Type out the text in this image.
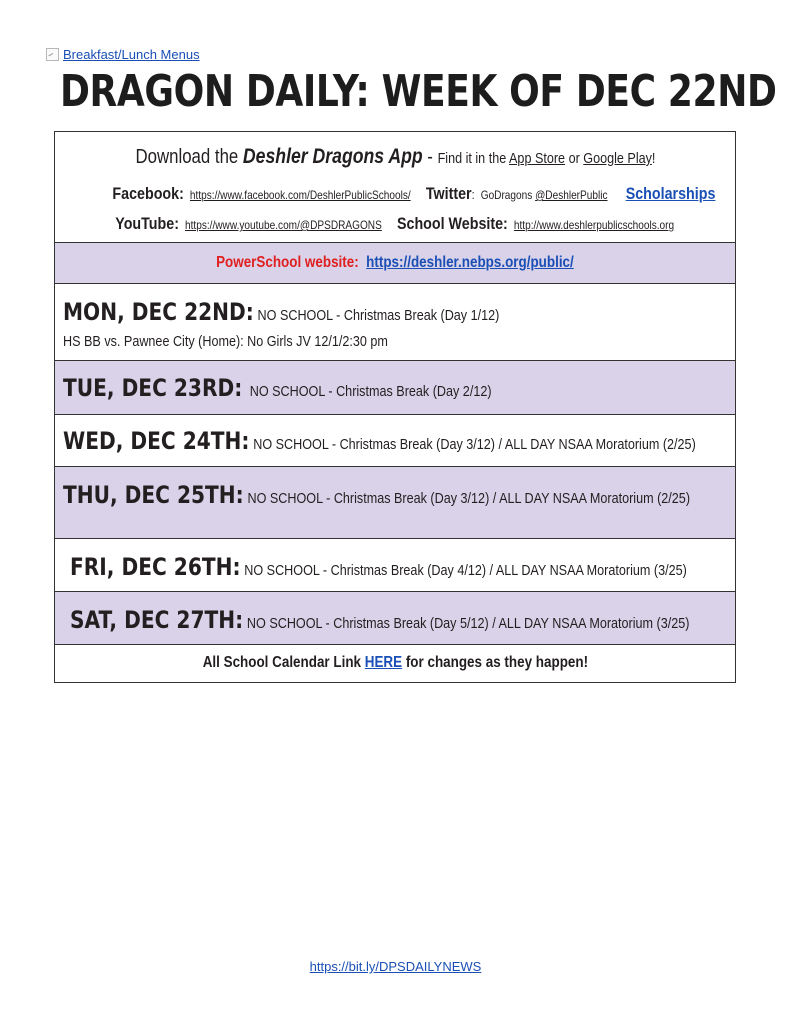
Breakfast/Lunch Menus
DRAGON DAILY: WEEK OF DEC 22ND
Download the Deshler Dragons App - Find it in the App Store or Google Play!
Facebook: https://www.facebook.com/DeshlerPublicSchools/ Twitter: GoDragons @DeshlerPublic Scholarships
YouTube: https://www.youtube.com/@DPSDRAGONS School Website: http://www.deshlerpublicschools.org
PowerSchool website: https://deshler.nebps.org/public/
MON, DEC 22ND: NO SCHOOL - Christmas Break (Day 1/12)
HS BB vs. Pawnee City (Home): No Girls JV 12/1/2:30 pm
TUE, DEC 23RD: NO SCHOOL - Christmas Break (Day 2/12)
WED, DEC 24TH: NO SCHOOL - Christmas Break (Day 3/12) / ALL DAY NSAA Moratorium (2/25)
THU, DEC 25TH: NO SCHOOL - Christmas Break (Day 3/12) / ALL DAY NSAA Moratorium (2/25)
FRI, DEC 26TH: NO SCHOOL - Christmas Break (Day 4/12) / ALL DAY NSAA Moratorium (3/25)
SAT, DEC 27TH: NO SCHOOL - Christmas Break (Day 5/12) / ALL DAY NSAA Moratorium (3/25)
All School Calendar Link HERE for changes as they happen!
https://bit.ly/DPSDAILYNEWS
